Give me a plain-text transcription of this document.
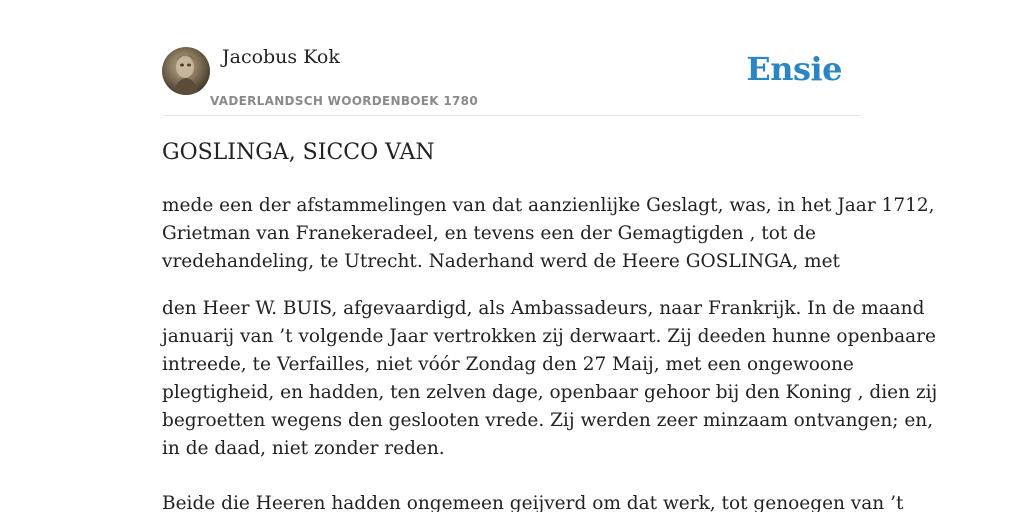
Jacobus Kok
VADERLANDSCH WOORDENBOEK 1780
Ensie
GOSLINGA, SICCO VAN

mede een der afstammelingen van dat aanzienlijke Geslagt, was, in het Jaar 1712,
Grietman van Franekeradeel, en tevens een der Gemagtigden , tot de
vredehandeling, te Utrecht. Naderhand werd de Heere GOSLINGA, met

den Heer W. BUIS, afgevaardigd, als Ambassadeurs, naar Frankrijk. In de maand
januarij van ’t volgende Jaar vertrokken zij derwaart. Zij deeden hunne openbaare
intreede, te Verfailles, niet vóór Zondag den 27 Maij, met een ongewoone
plegtigheid, en hadden, ten zelven dage, openbaar gehoor bij den Koning , dien zij
begroetten wegens den geslooten vrede. Zij werden zeer minzaam ontvangen; en,
in de daad, niet zonder reden.

Beide die Heeren hadden ongemeen geijverd om dat werk, tot genoegen van ’t
